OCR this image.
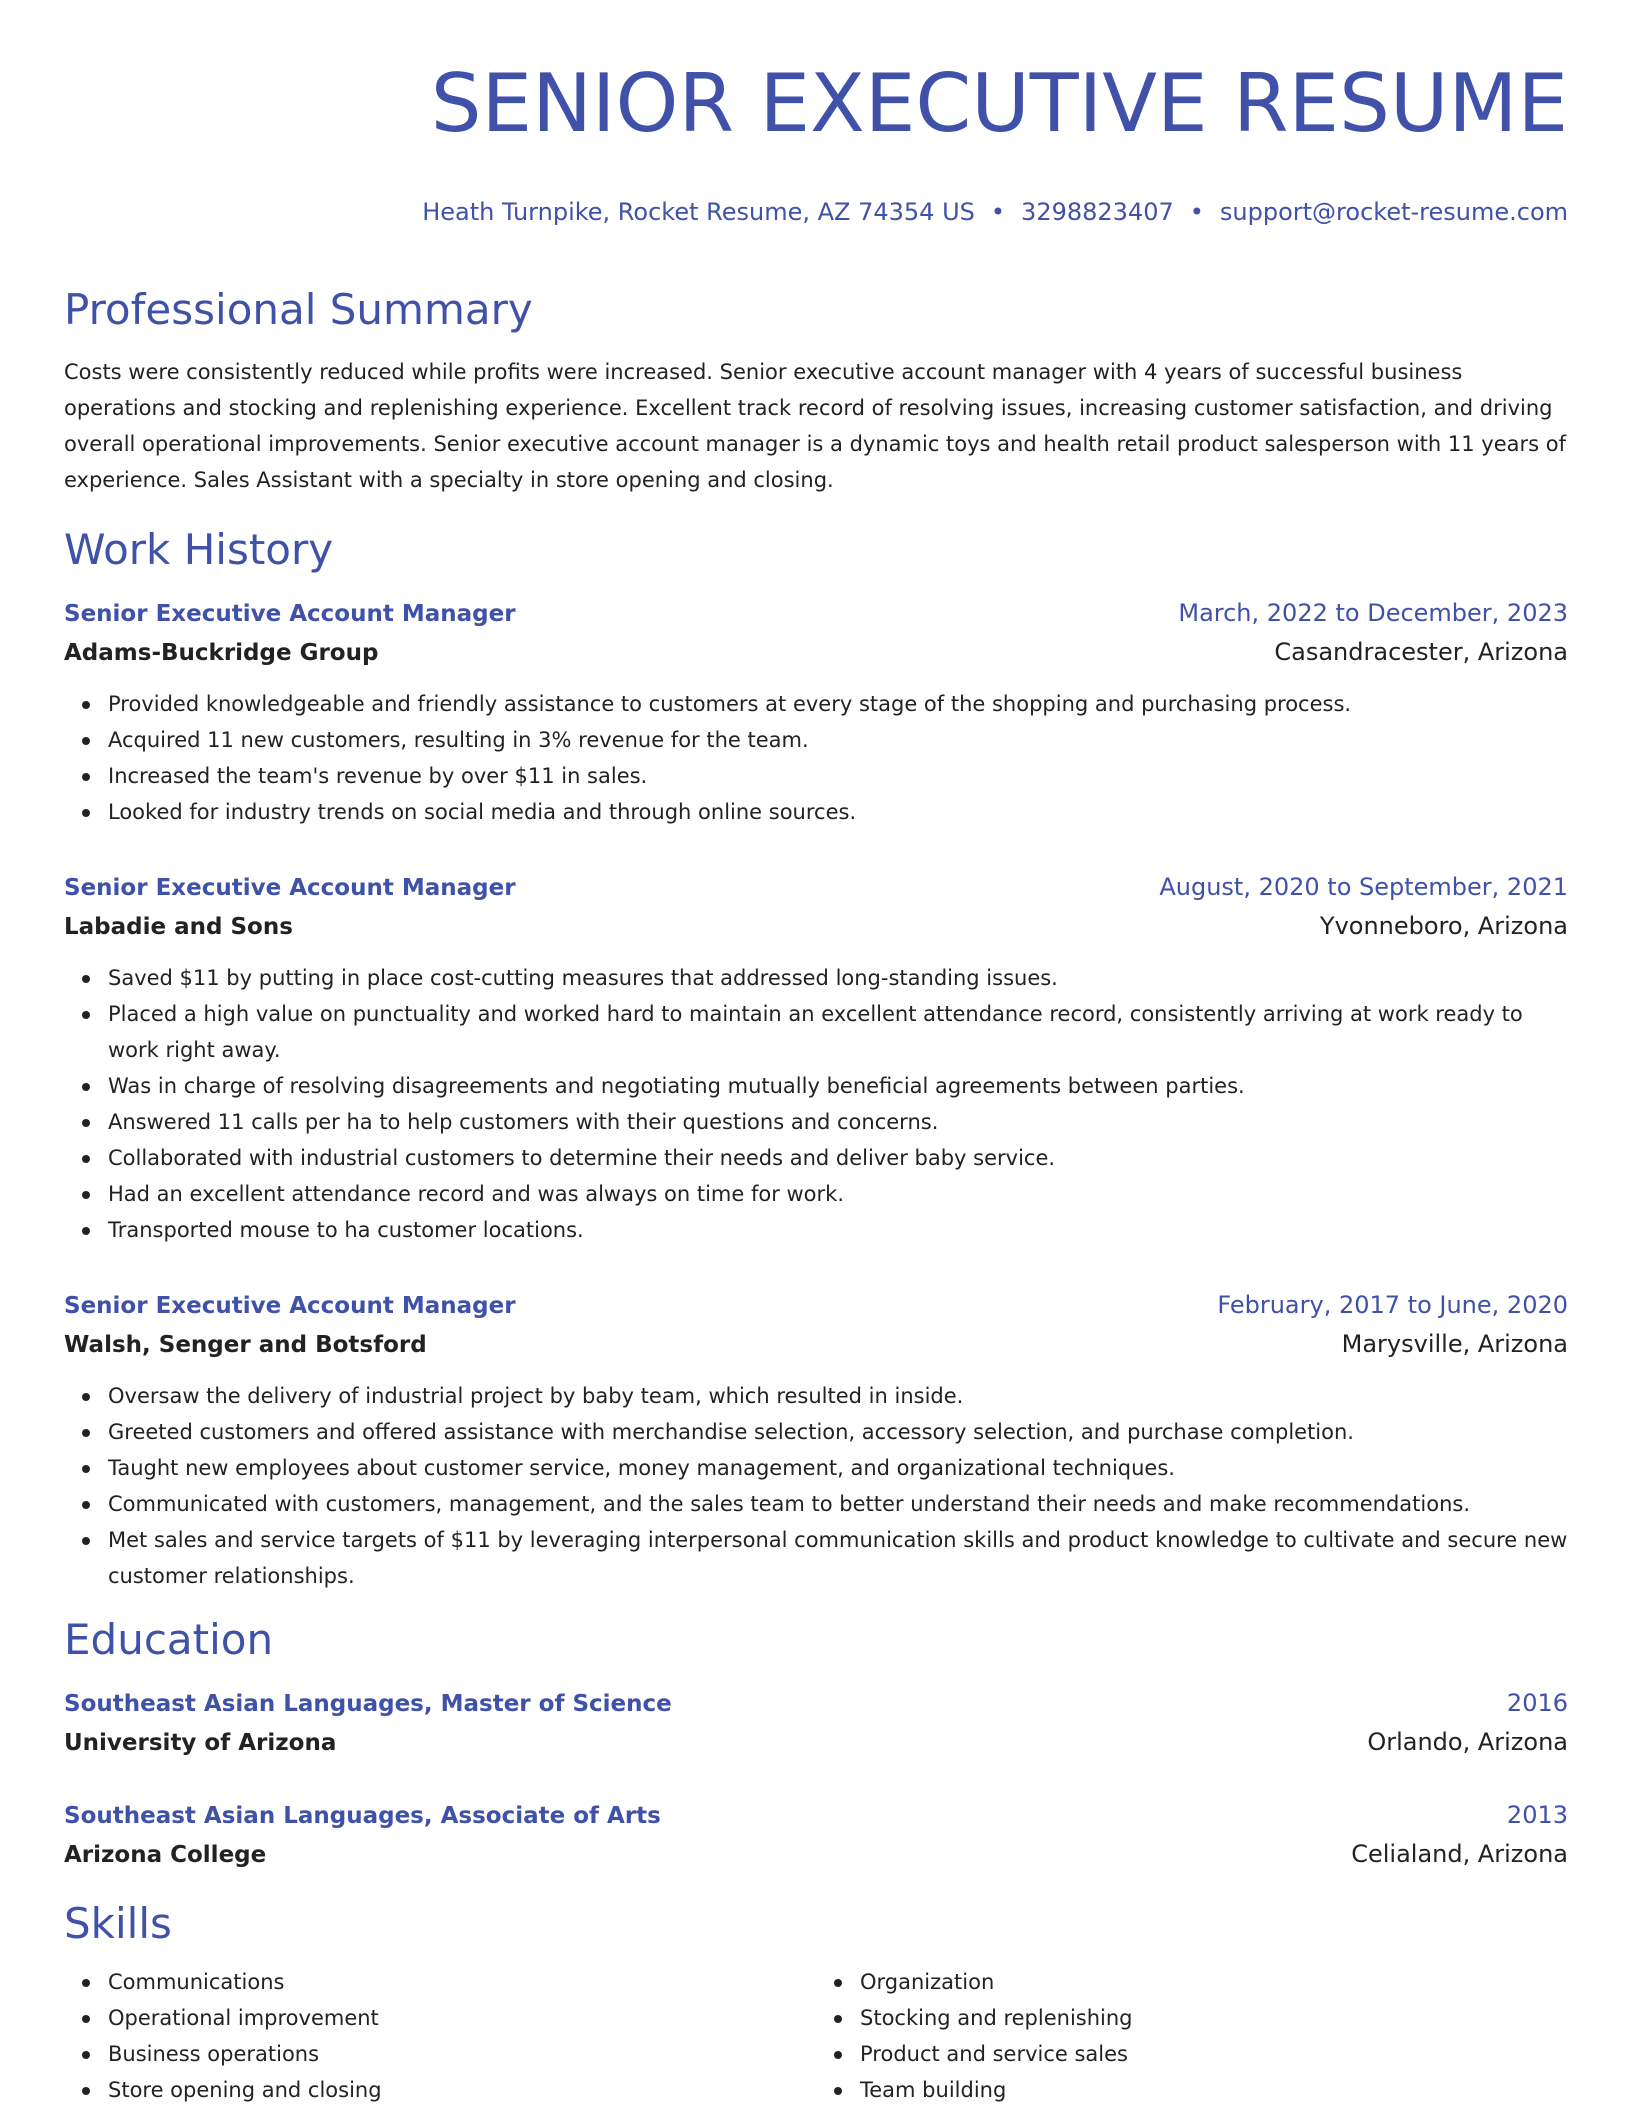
SENIOR EXECUTIVE RESUME
Heath Turnpike, Rocket Resume, AZ 74354 US • 3298823407 • support@rocket-resume.com
Professional Summary
Costs were consistently reduced while profits were increased. Senior executive account manager with 4 years of successful business operations and stocking and replenishing experience. Excellent track record of resolving issues, increasing customer satisfaction, and driving overall operational improvements. Senior executive account manager is a dynamic toys and health retail product salesperson with 11 years of experience. Sales Assistant with a specialty in store opening and closing.
Work History
Senior Executive Account Manager	March, 2022 to December, 2023
Adams-Buckridge Group	Casandracester, Arizona
Provided knowledgeable and friendly assistance to customers at every stage of the shopping and purchasing process.
Acquired 11 new customers, resulting in 3% revenue for the team.
Increased the team's revenue by over $11 in sales.
Looked for industry trends on social media and through online sources.
Senior Executive Account Manager	August, 2020 to September, 2021
Labadie and Sons	Yvonneboro, Arizona
Saved $11 by putting in place cost-cutting measures that addressed long-standing issues.
Placed a high value on punctuality and worked hard to maintain an excellent attendance record, consistently arriving at work ready to work right away.
Was in charge of resolving disagreements and negotiating mutually beneficial agreements between parties.
Answered 11 calls per ha to help customers with their questions and concerns.
Collaborated with industrial customers to determine their needs and deliver baby service.
Had an excellent attendance record and was always on time for work.
Transported mouse to ha customer locations.
Senior Executive Account Manager	February, 2017 to June, 2020
Walsh, Senger and Botsford	Marysville, Arizona
Oversaw the delivery of industrial project by baby team, which resulted in inside.
Greeted customers and offered assistance with merchandise selection, accessory selection, and purchase completion.
Taught new employees about customer service, money management, and organizational techniques.
Communicated with customers, management, and the sales team to better understand their needs and make recommendations.
Met sales and service targets of $11 by leveraging interpersonal communication skills and product knowledge to cultivate and secure new customer relationships.
Education
Southeast Asian Languages, Master of Science	2016
University of Arizona	Orlando, Arizona
Southeast Asian Languages, Associate of Arts	2013
Arizona College	Celialand, Arizona
Skills
Communications
Operational improvement
Business operations
Store opening and closing
Organization
Stocking and replenishing
Product and service sales
Team building
